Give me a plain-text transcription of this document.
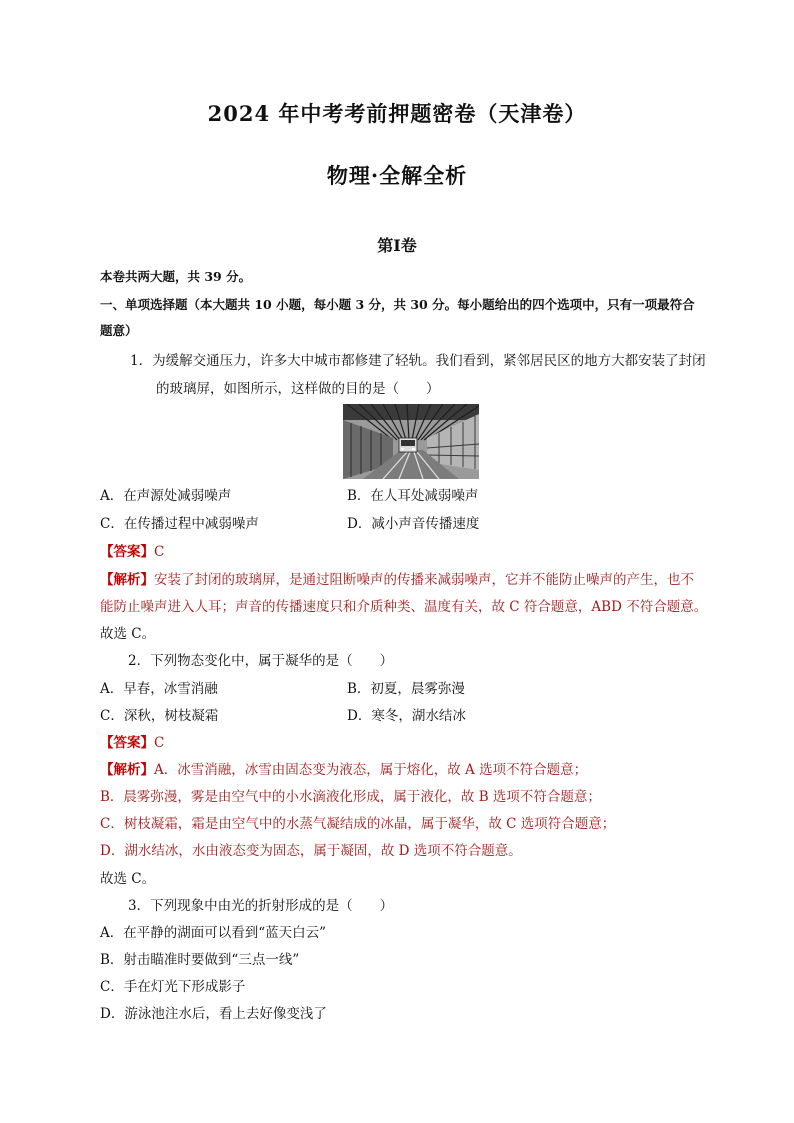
2024 年中考考前押题密卷（天津卷）
物理·全解全析
第Ⅰ卷
本卷共两大题，共 39 分。
一、单项选择题（本大题共 10 小题，每小题 3 分，共 30 分。每小题给出的四个选项中，只有一项最符合
题意）
1．为缓解交通压力，许多大中城市都修建了轻轨。我们看到，紧邻居民区的地方大都安装了封闭
的玻璃屏，如图所示，这样做的目的是（　　）
A．在声源处减弱噪声	B．在人耳处减弱噪声
C．在传播过程中减弱噪声	D．减小声音传播速度
【答案】C
【解析】安装了封闭的玻璃屏，是通过阻断噪声的传播来减弱噪声，它并不能防止噪声的产生，也不
能防止噪声进入人耳；声音的传播速度只和介质种类、温度有关，故 C 符合题意，ABD 不符合题意。
故选 C。
2．下列物态变化中，属于凝华的是（　　）
A．早春，冰雪消融	B．初夏，晨雾弥漫
C．深秋，树枝凝霜	D．寒冬，湖水结冰
【答案】C
【解析】A．冰雪消融，冰雪由固态变为液态，属于熔化，故 A 选项不符合题意；
B．晨雾弥漫，雾是由空气中的小水滴液化形成，属于液化，故 B 选项不符合题意；
C．树枝凝霜，霜是由空气中的水蒸气凝结成的冰晶，属于凝华，故 C 选项符合题意；
D．湖水结冰，水由液态变为固态，属于凝固，故 D 选项不符合题意。
故选 C。
3．下列现象中由光的折射形成的是（　　）
A．在平静的湖面可以看到“蓝天白云”
B．射击瞄准时要做到“三点一线”
C．手在灯光下形成影子
D．游泳池注水后，看上去好像变浅了
